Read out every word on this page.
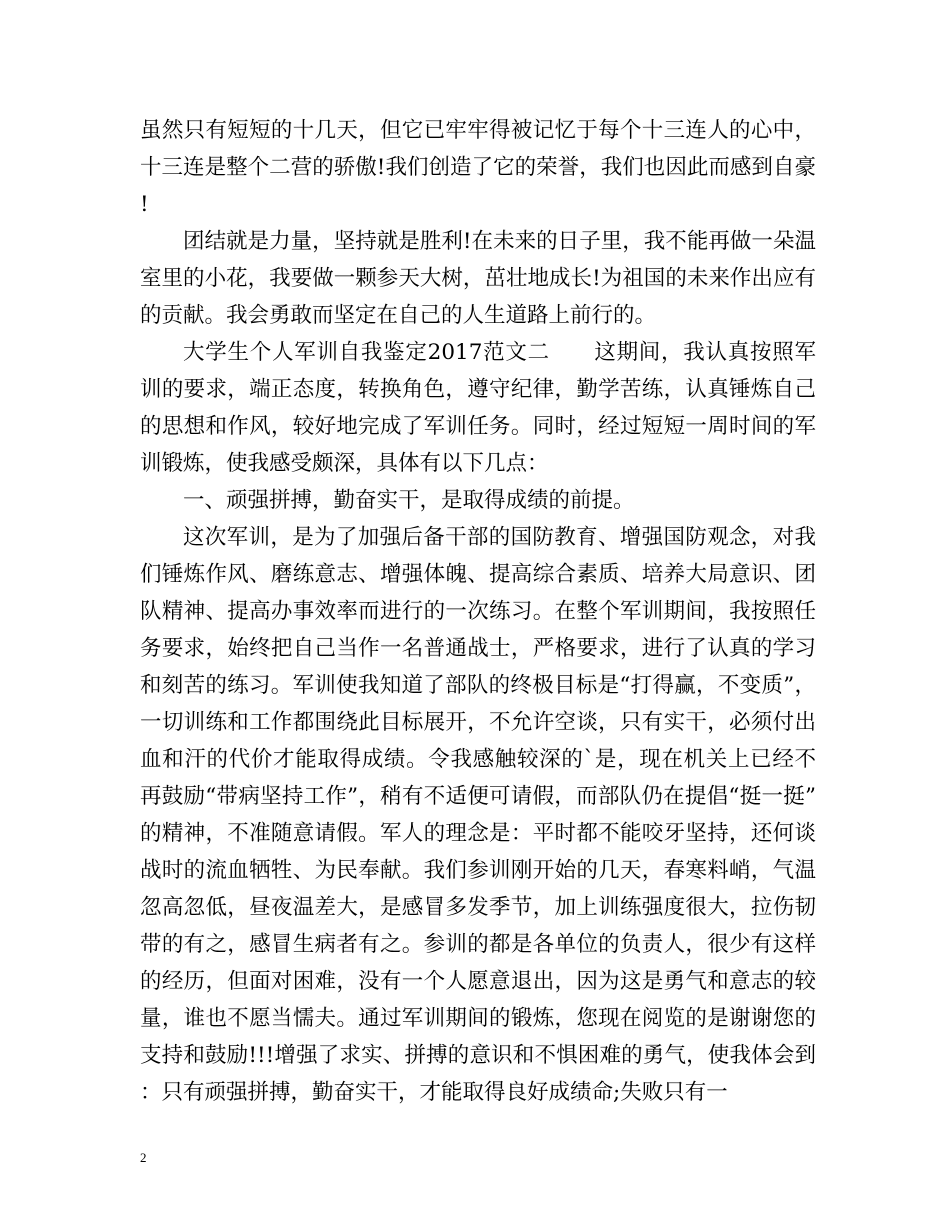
虽然只有短短的十几天，但它已牢牢得被记忆于每个十三连人的心中，十三连是整个二营的骄傲!我们创造了它的荣誉，我们也因此而感到自豪!

团结就是力量，坚持就是胜利!在未来的日子里，我不能再做一朵温室里的小花，我要做一颗参天大树，茁壮地成长!为祖国的未来作出应有的贡献。我会勇敢而坚定在自己的人生道路上前行的。

大学生个人军训自我鉴定2017范文二　　这期间，我认真按照军训的要求，端正态度，转换角色，遵守纪律，勤学苦练，认真锤炼自己的思想和作风，较好地完成了军训任务。同时，经过短短一周时间的军训锻炼，使我感受颇深，具体有以下几点：

一、顽强拼搏，勤奋实干，是取得成绩的前提。

这次军训，是为了加强后备干部的国防教育、增强国防观念，对我们锤炼作风、磨练意志、增强体魄、提高综合素质、培养大局意识、团队精神、提高办事效率而进行的一次练习。在整个军训期间，我按照任务要求，始终把自己当作一名普通战士，严格要求，进行了认真的学习和刻苦的练习。军训使我知道了部队的终极目标是“打得赢，不变质”，一切训练和工作都围绕此目标展开，不允许空谈，只有实干，必须付出血和汗的代价才能取得成绩。令我感触较深的`是，现在机关上已经不再鼓励“带病坚持工作”，稍有不适便可请假，而部队仍在提倡“挺一挺”的精神，不准随意请假。军人的理念是：平时都不能咬牙坚持，还何谈战时的流血牺牲、为民奉献。我们参训刚开始的几天，春寒料峭，气温忽高忽低，昼夜温差大，是感冒多发季节，加上训练强度很大，拉伤韧带的有之，感冒生病者有之。参训的都是各单位的负责人，很少有这样的经历，但面对困难，没有一个人愿意退出，因为这是勇气和意志的较量，谁也不愿当懦夫。通过军训期间的锻炼，您现在阅览的是谢谢您的支持和鼓励!!!增强了求实、拼搏的意识和不惧困难的勇气，使我体会到：只有顽强拼搏，勤奋实干，才能取得良好成绩命;失败只有一

2
